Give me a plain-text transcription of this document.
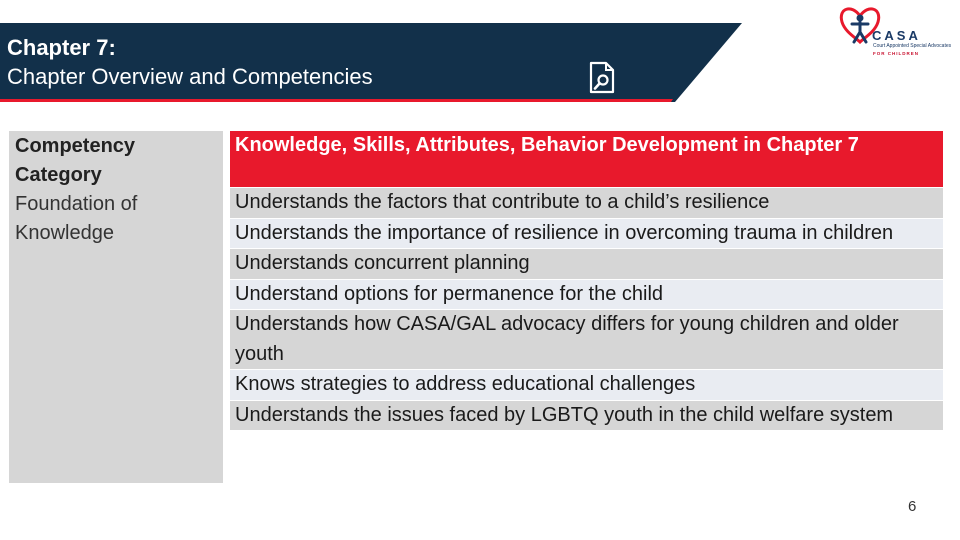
Chapter 7:
Chapter Overview and Competencies
CASA
Court Appointed Special Advocates
FOR CHILDREN
Competency Category
Foundation of Knowledge
Knowledge, Skills, Attributes, Behavior Development in Chapter 7
Understands the factors that contribute to a child’s resilience
Understands the importance of resilience in overcoming trauma in children
Understands concurrent planning
Understand options for permanence for the child
Understands how CASA/GAL advocacy differs for young children and older youth
Knows strategies to address educational challenges
Understands the issues faced by LGBTQ youth in the child welfare system
6
